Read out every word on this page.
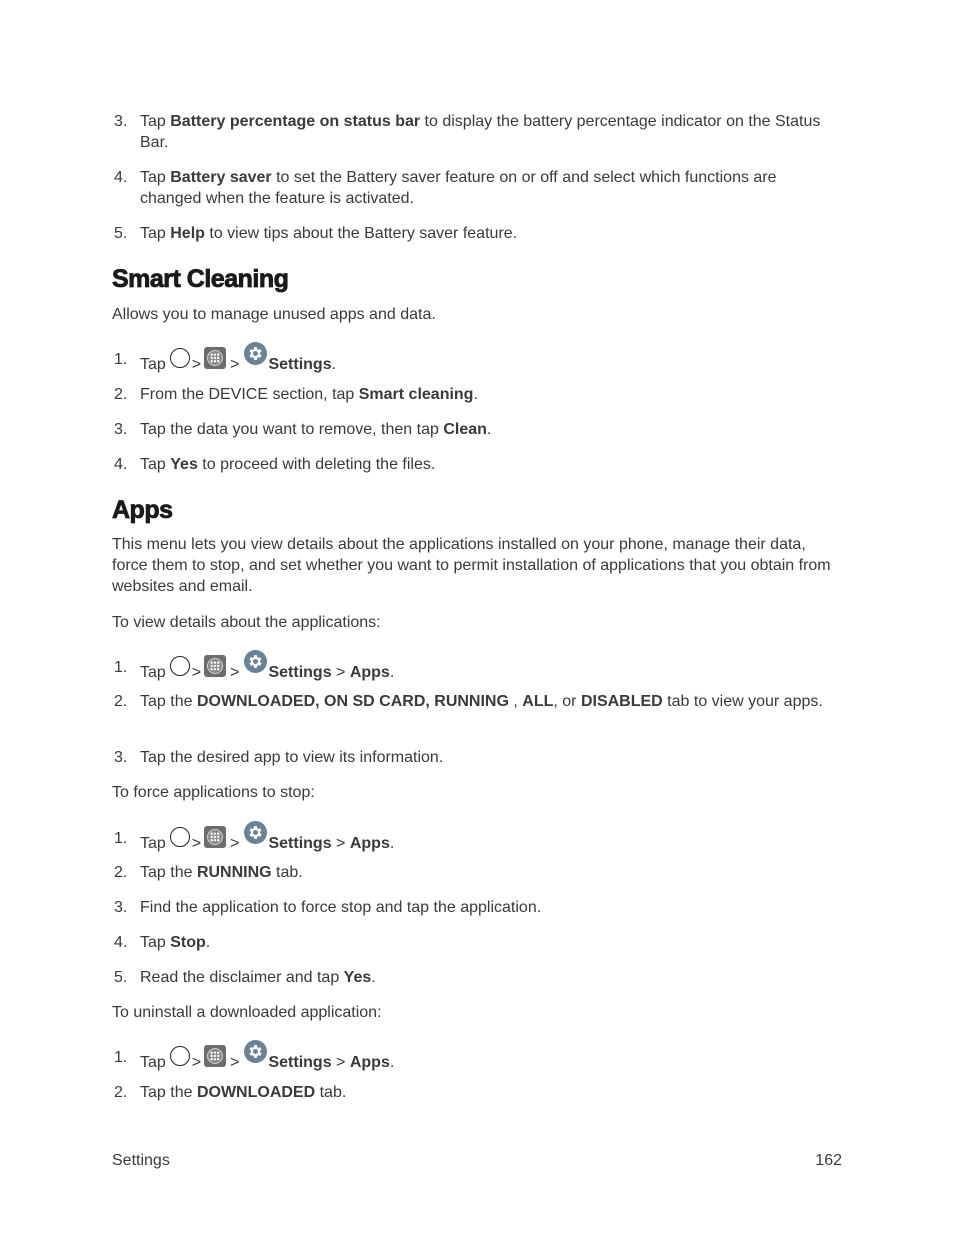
3. Tap Battery percentage on status bar to display the battery percentage indicator on the Status Bar.
4. Tap Battery saver to set the Battery saver feature on or off and select which functions are changed when the feature is activated.
5. Tap Help to view tips about the Battery saver feature.
Smart Cleaning
Allows you to manage unused apps and data.
1. Tap > > Settings.
2. From the DEVICE section, tap Smart cleaning.
3. Tap the data you want to remove, then tap Clean.
4. Tap Yes to proceed with deleting the files.
Apps
This menu lets you view details about the applications installed on your phone, manage their data, force them to stop, and set whether you want to permit installation of applications that you obtain from websites and email.
To view details about the applications:
1. Tap > > Settings > Apps.
2. Tap the DOWNLOADED, ON SD CARD, RUNNING , ALL, or DISABLED tab to view your apps.
3. Tap the desired app to view its information.
To force applications to stop:
1. Tap > > Settings > Apps.
2. Tap the RUNNING tab.
3. Find the application to force stop and tap the application.
4. Tap Stop.
5. Read the disclaimer and tap Yes.
To uninstall a downloaded application:
1. Tap > > Settings > Apps.
2. Tap the DOWNLOADED tab.
Settings	162
